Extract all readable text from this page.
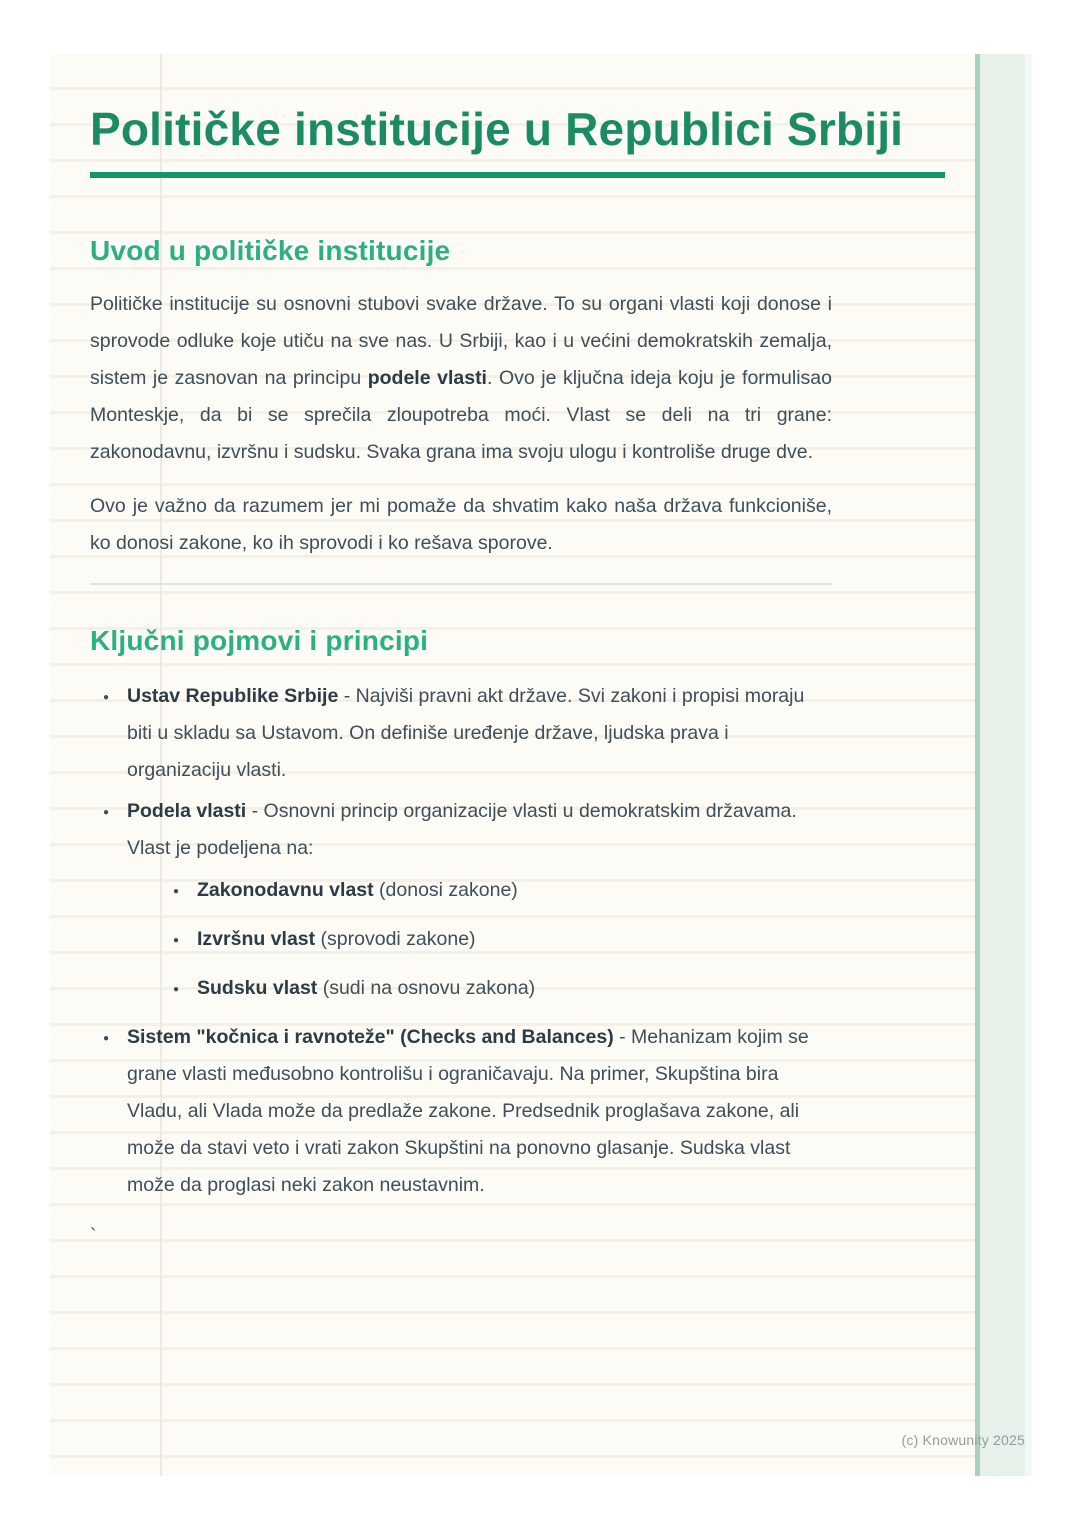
Političke institucije u Republici Srbiji
Uvod u političke institucije

Političke institucije su osnovni stubovi svake države. To su organi vlasti koji donose i sprovode odluke koje utiču na sve nas. U Srbiji, kao i u većini demokratskih zemalja, sistem je zasnovan na principu podele vlasti. Ovo je ključna ideja koju je formulisao Monteskje, da bi se sprečila zloupotreba moći. Vlast se deli na tri grane: zakonodavnu, izvršnu i sudsku. Svaka grana ima svoju ulogu i kontroliše druge dve.

Ovo je važno da razumem jer mi pomaže da shvatim kako naša država funkcioniše, ko donosi zakone, ko ih sprovodi i ko rešava sporove.

Ključni pojmovi i principi
● Ustav Republike Srbije - Najviši pravni akt države. Svi zakoni i propisi moraju biti u skladu sa Ustavom. On definiše uređenje države, ljudska prava i organizaciju vlasti.
● Podela vlasti - Osnovni princip organizacije vlasti u demokratskim državama. Vlast je podeljena na:
● Zakonodavnu vlast (donosi zakone)
● Izvršnu vlast (sprovodi zakone)
● Sudsku vlast (sudi na osnovu zakona)
● Sistem "kočnica i ravnoteže" (Checks and Balances) - Mehanizam kojim se grane vlasti međusobno kontrolišu i ograničavaju. Na primer, Skupština bira Vladu, ali Vlada može da predlaže zakone. Predsednik proglašava zakone, ali može da stavi veto i vrati zakon Skupštini na ponovno glasanje. Sudska vlast može da proglasi neki zakon neustavnim.

`

(c) Knowunity 2025
